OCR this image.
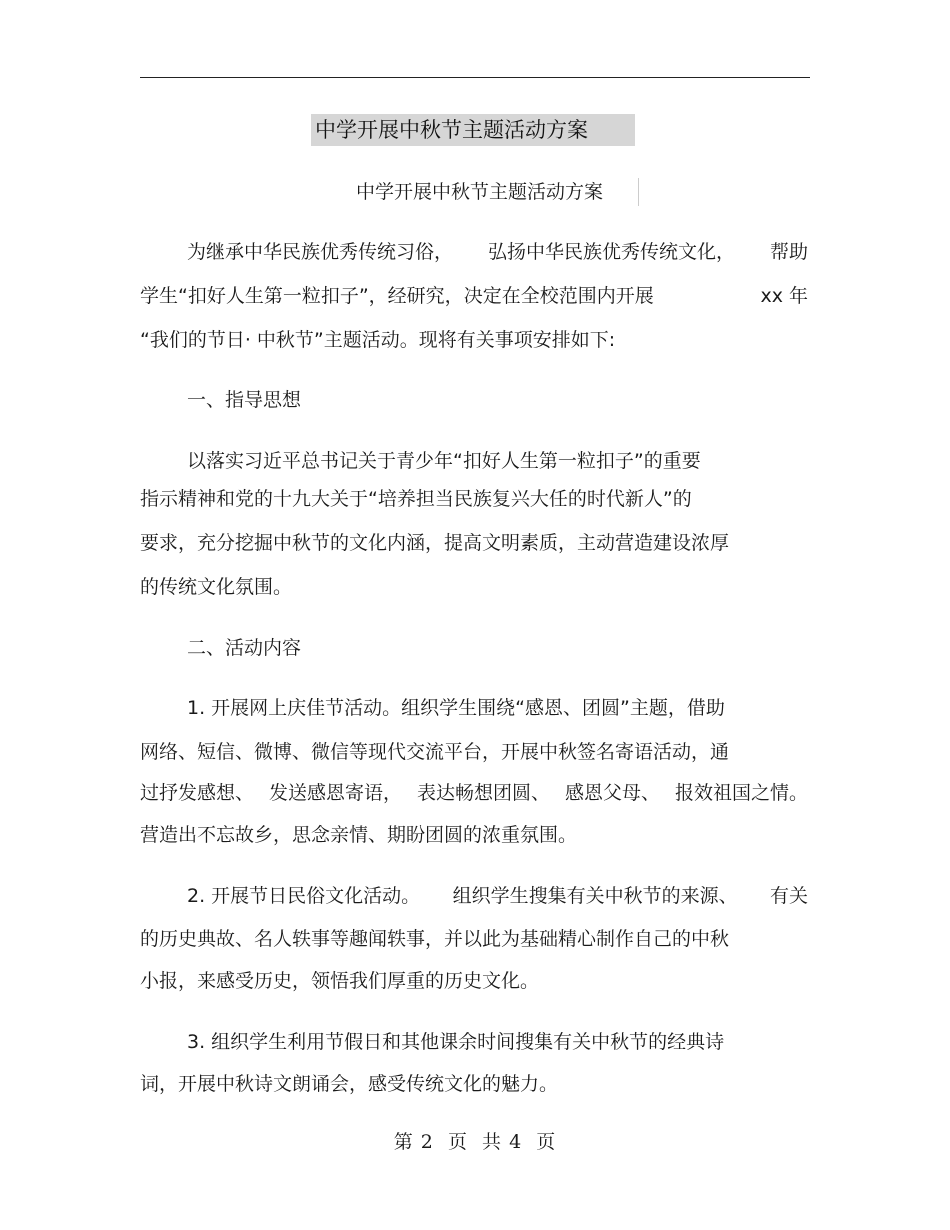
中学开展中秋节主题活动方案
中学开展中秋节主题活动方案
为继承中华民族优秀传统习俗， 弘扬中华民族优秀传统文化， 帮助
学生“扣好人生第一粒扣子”，经研究，决定在全校范围内开展	xx 年
“我们的节日· 中秋节”主题活动。现将有关事项安排如下:
一、指导思想
以落实习近平总书记关于青少年“扣好人生第一粒扣子”的重要
指示精神和党的十九大关于“培养担当民族复兴大任的时代新人”的
要求，充分挖掘中秋节的文化内涵，提高文明素质，主动营造建设浓厚
的传统文化氛围。
二、活动内容
1. 开展网上庆佳节活动。组织学生围绕“感恩、团圆”主题，借助
网络、短信、微博、微信等现代交流平台，开展中秋签名寄语活动，通
过抒发感想、 发送感恩寄语， 表达畅想团圆、 感恩父母、 报效祖国之情。
营造出不忘故乡，思念亲情、期盼团圆的浓重氛围。
2. 开展节日民俗文化活动。 组织学生搜集有关中秋节的来源、 有关
的历史典故、名人轶事等趣闻轶事，并以此为基础精心制作自己的中秋
小报，来感受历史，领悟我们厚重的历史文化。
3. 组织学生利用节假日和其他课余时间搜集有关中秋节的经典诗
词，开展中秋诗文朗诵会，感受传统文化的魅力。
第 2  页  共 4  页
